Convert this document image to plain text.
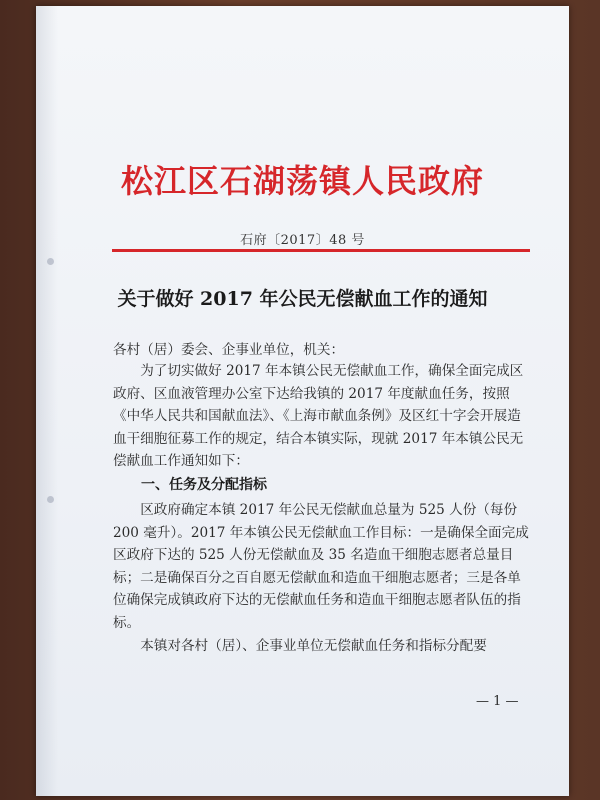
松江区石湖荡镇人民政府
石府〔2017〕48 号
关于做好 2017 年公民无偿献血工作的通知
各村（居）委会、企事业单位，机关：
为了切实做好 2017 年本镇公民无偿献血工作，确保全面完成区政府、区血液管理办公室下达给我镇的 2017 年度献血任务，按照《中华人民共和国献血法》、《上海市献血条例》及区红十字会开展造血干细胞征募工作的规定，结合本镇实际，现就 2017 年本镇公民无偿献血工作通知如下：
一、任务及分配指标
区政府确定本镇 2017 年公民无偿献血总量为 525 人份（每份 200 毫升）。2017 年本镇公民无偿献血工作目标：一是确保全面完成区政府下达的 525 人份无偿献血及 35 名造血干细胞志愿者总量目标；二是确保百分之百自愿无偿献血和造血干细胞志愿者；三是各单位确保完成镇政府下达的无偿献血任务和造血干细胞志愿者队伍的指标。
本镇对各村（居）、企事业单位无偿献血任务和指标分配要
— 1 —
